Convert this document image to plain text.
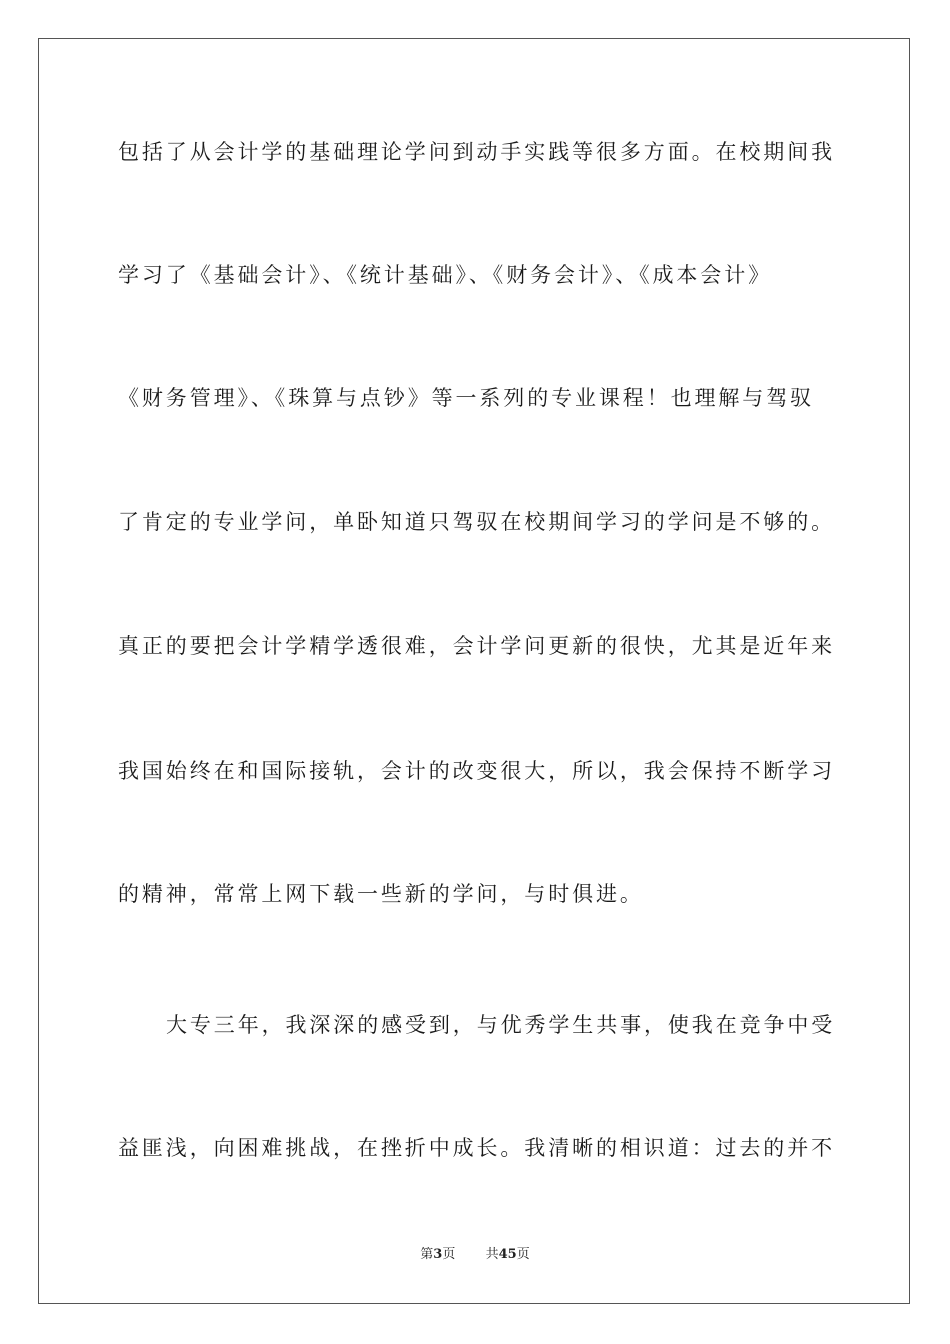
包括了从会计学的基础理论学问到动手实践等很多方面。在校期间我
学习了《基础会计》、《统计基础》、《财务会计》、《成本会计》
《财务管理》、《珠算与点钞》等一系列的专业课程！也理解与驾驭
了肯定的专业学问，单卧知道只驾驭在校期间学习的学问是不够的。
真正的要把会计学精学透很难，会计学问更新的很快，尤其是近年来
我国始终在和国际接轨，会计的改变很大，所以，我会保持不断学习
的精神，常常上网下载一些新的学问，与时俱进。
大专三年，我深深的感受到，与优秀学生共事，使我在竞争中受
益匪浅，向困难挑战，在挫折中成长。我清晰的相识道：过去的并不
第3页 共45页
